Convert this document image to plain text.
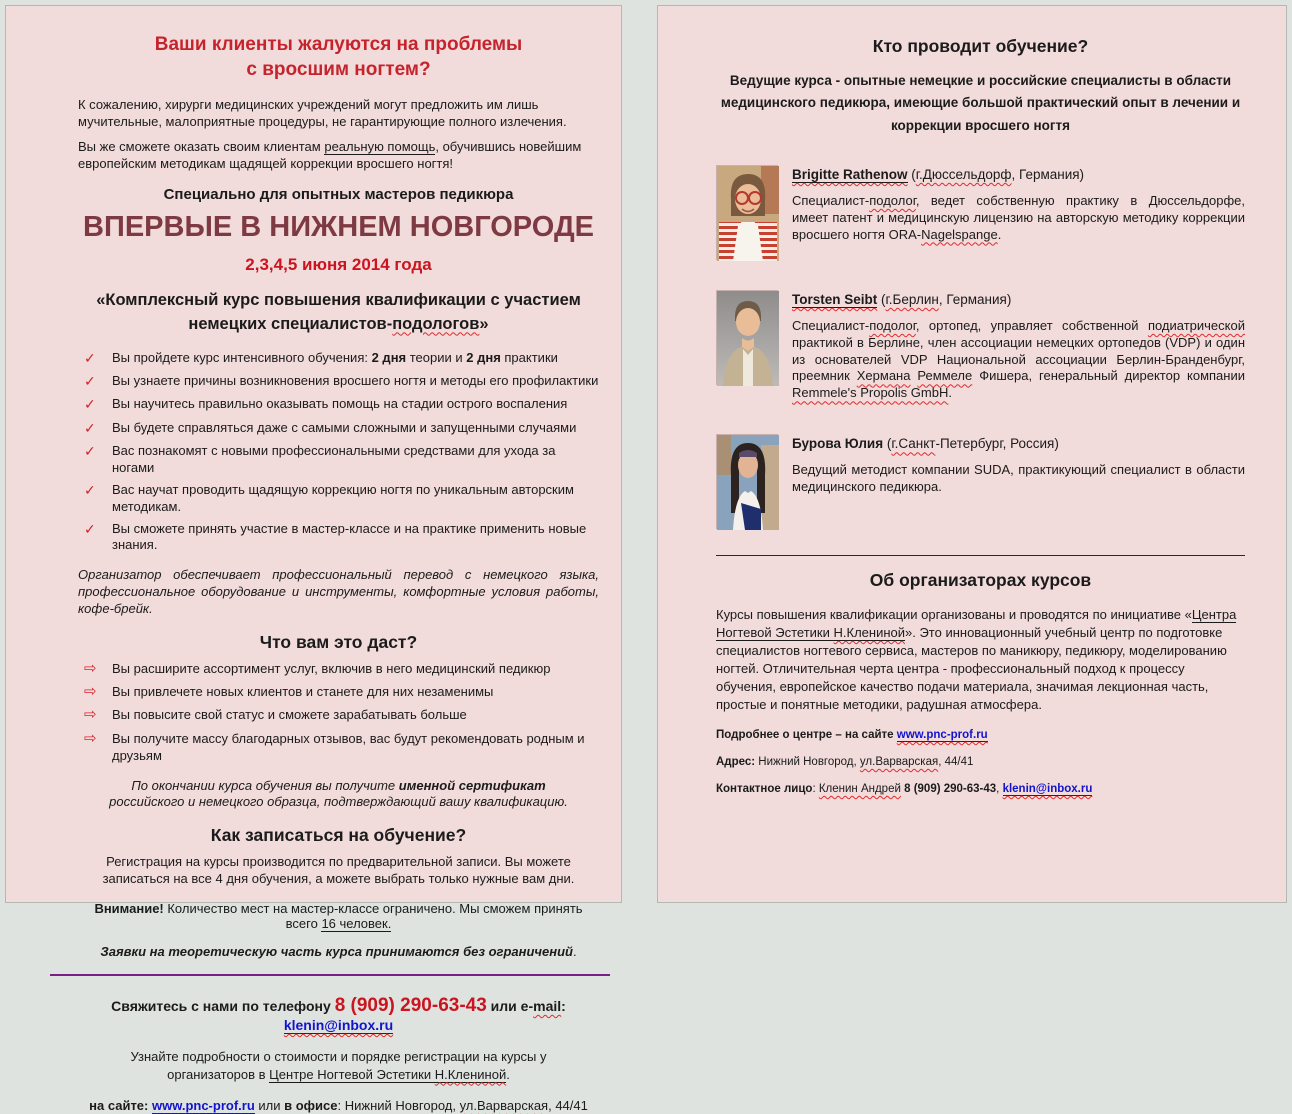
Ваши клиенты жалуются на проблемы
с вросшим ногтем?

К сожалению, хирурги медицинских учреждений могут предложить им лишь мучительные, малоприятные процедуры, не гарантирующие полного излечения.

Вы же сможете оказать своим клиентам реальную помощь, обучившись новейшим европейским методикам щадящей коррекции вросшего ногтя!

Специально для опытных мастеров педикюра

ВПЕРВЫЕ В НИЖНЕМ НОВГОРОДЕ
2,3,4,5 июня 2014 года
«Комплексный курс повышения квалификации с участием немецких специалистов-подологов»
✓	Вы пройдете курс интенсивного обучения: 2 дня теории и 2 дня практики
✓	Вы узнаете причины возникновения вросшего ногтя и методы его профилактики
✓	Вы научитесь правильно оказывать помощь на стадии острого воспаления
✓	Вы будете справляться даже с самыми сложными и запущенными случаями
✓	Вас познакомят с новыми профессиональными средствами для ухода за ногами
✓	Вас научат проводить щадящую коррекцию ногтя по уникальным авторским методикам.
✓	Вы сможете принять участие в мастер-классе и на практике применить новые знания.

Организатор обеспечивает профессиональный перевод с немецкого языка, профессиональное оборудование и инструменты, комфортные условия работы, кофе-брейк.

Что вам это даст?
⇨	Вы расширите ассортимент услуг, включив в него медицинский педикюр
⇨	Вы привлечете новых клиентов и станете для них незаменимы
⇨	Вы повысите свой статус и сможете зарабатывать больше
⇨	Вы получите массу благодарных отзывов, вас будут рекомендовать родным и друзьям

По окончании курса обучения вы получите именной сертификат российского и немецкого образца, подтверждающий вашу квалификацию.

Как записаться на обучение?

Регистрация на курсы производится по предварительной записи. Вы можете записаться на все 4 дня обучения, а можете выбрать только нужные вам дни.

Внимание! Количество мест на мастер-классе ограничено. Мы сможем принять всего 16 человек.

Заявки на теоретическую часть курса принимаются без ограничений.

Свяжитесь с нами по телефону 8 (909) 290-63-43 или e-mail: klenin@inbox.ru

Узнайте подробности о стоимости и порядке регистрации на курсы у организаторов в Центре Ногтевой Эстетики Н.Клениной.

на сайте: www.pnc-prof.ru или в офисе: Нижний Новгород, ул.Варварская, 44/41

Кто проводит обучение?

Ведущие курса - опытные немецкие и российские специалисты в области медицинского педикюра, имеющие большой практический опыт в лечении и коррекции вросшего ногтя

Brigitte Rathenow (г.Дюссельдорф, Германия)

Специалист-подолог, ведет собственную практику в Дюссельдорфе, имеет патент и медицинскую лицензию на авторскую методику коррекции вросшего ногтя ORA-Nagelspange.

Torsten Seibt (г.Берлин, Германия)

Специалист-подолог, ортопед, управляет собственной подиатрической практикой в Берлине, член ассоциации немецких ортопедов (VDP) и один из основателей VDP Национальной ассоциации Берлин-Бранденбург, преемник Хермана Реммеле Фишера, генеральный директор компании Remmele's Propolis GmbH.

Бурова Юлия (г.Санкт-Петербург, Россия)

Ведущий методист компании SUDA, практикующий специалист в области медицинского педикюра.

Об организаторах курсов

Курсы повышения квалификации организованы и проводятся по инициативе «Центра Ногтевой Эстетики Н.Клениной». Это инновационный учебный центр по подготовке специалистов ногтевого сервиса, мастеров по маникюру, педикюру, моделированию ногтей. Отличительная черта центра - профессиональный подход к процессу обучения, европейское качество подачи материала, значимая лекционная часть, простые и понятные методики, радушная атмосфера.

Подробнее о центре – на сайте www.pnc-prof.ru

Адрес: Нижний Новгород, ул.Варварская, 44/41

Контактное лицо: Кленин Андрей 8 (909) 290-63-43, klenin@inbox.ru
